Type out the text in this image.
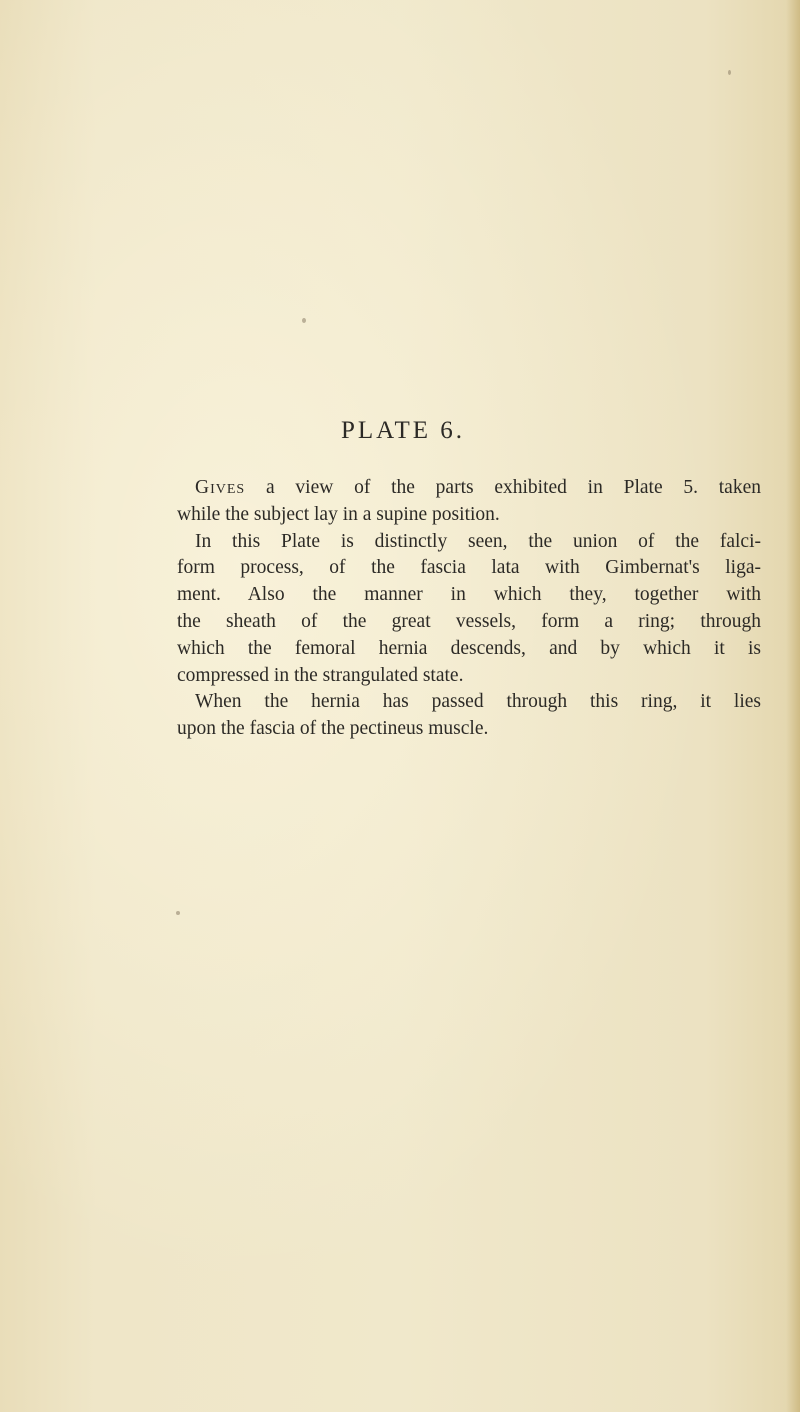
PLATE 6.
Gives a view of the parts exhibited in Plate 5. taken
while the subject lay in a supine position.
In this Plate is distinctly seen, the union of the falci-
form process, of the fascia lata with Gimbernat's liga-
ment. Also the manner in which they, together with
the sheath of the great vessels, form a ring; through
which the femoral hernia descends, and by which it is
compressed in the strangulated state.
When the hernia has passed through this ring, it lies
upon the fascia of the pectineus muscle.
